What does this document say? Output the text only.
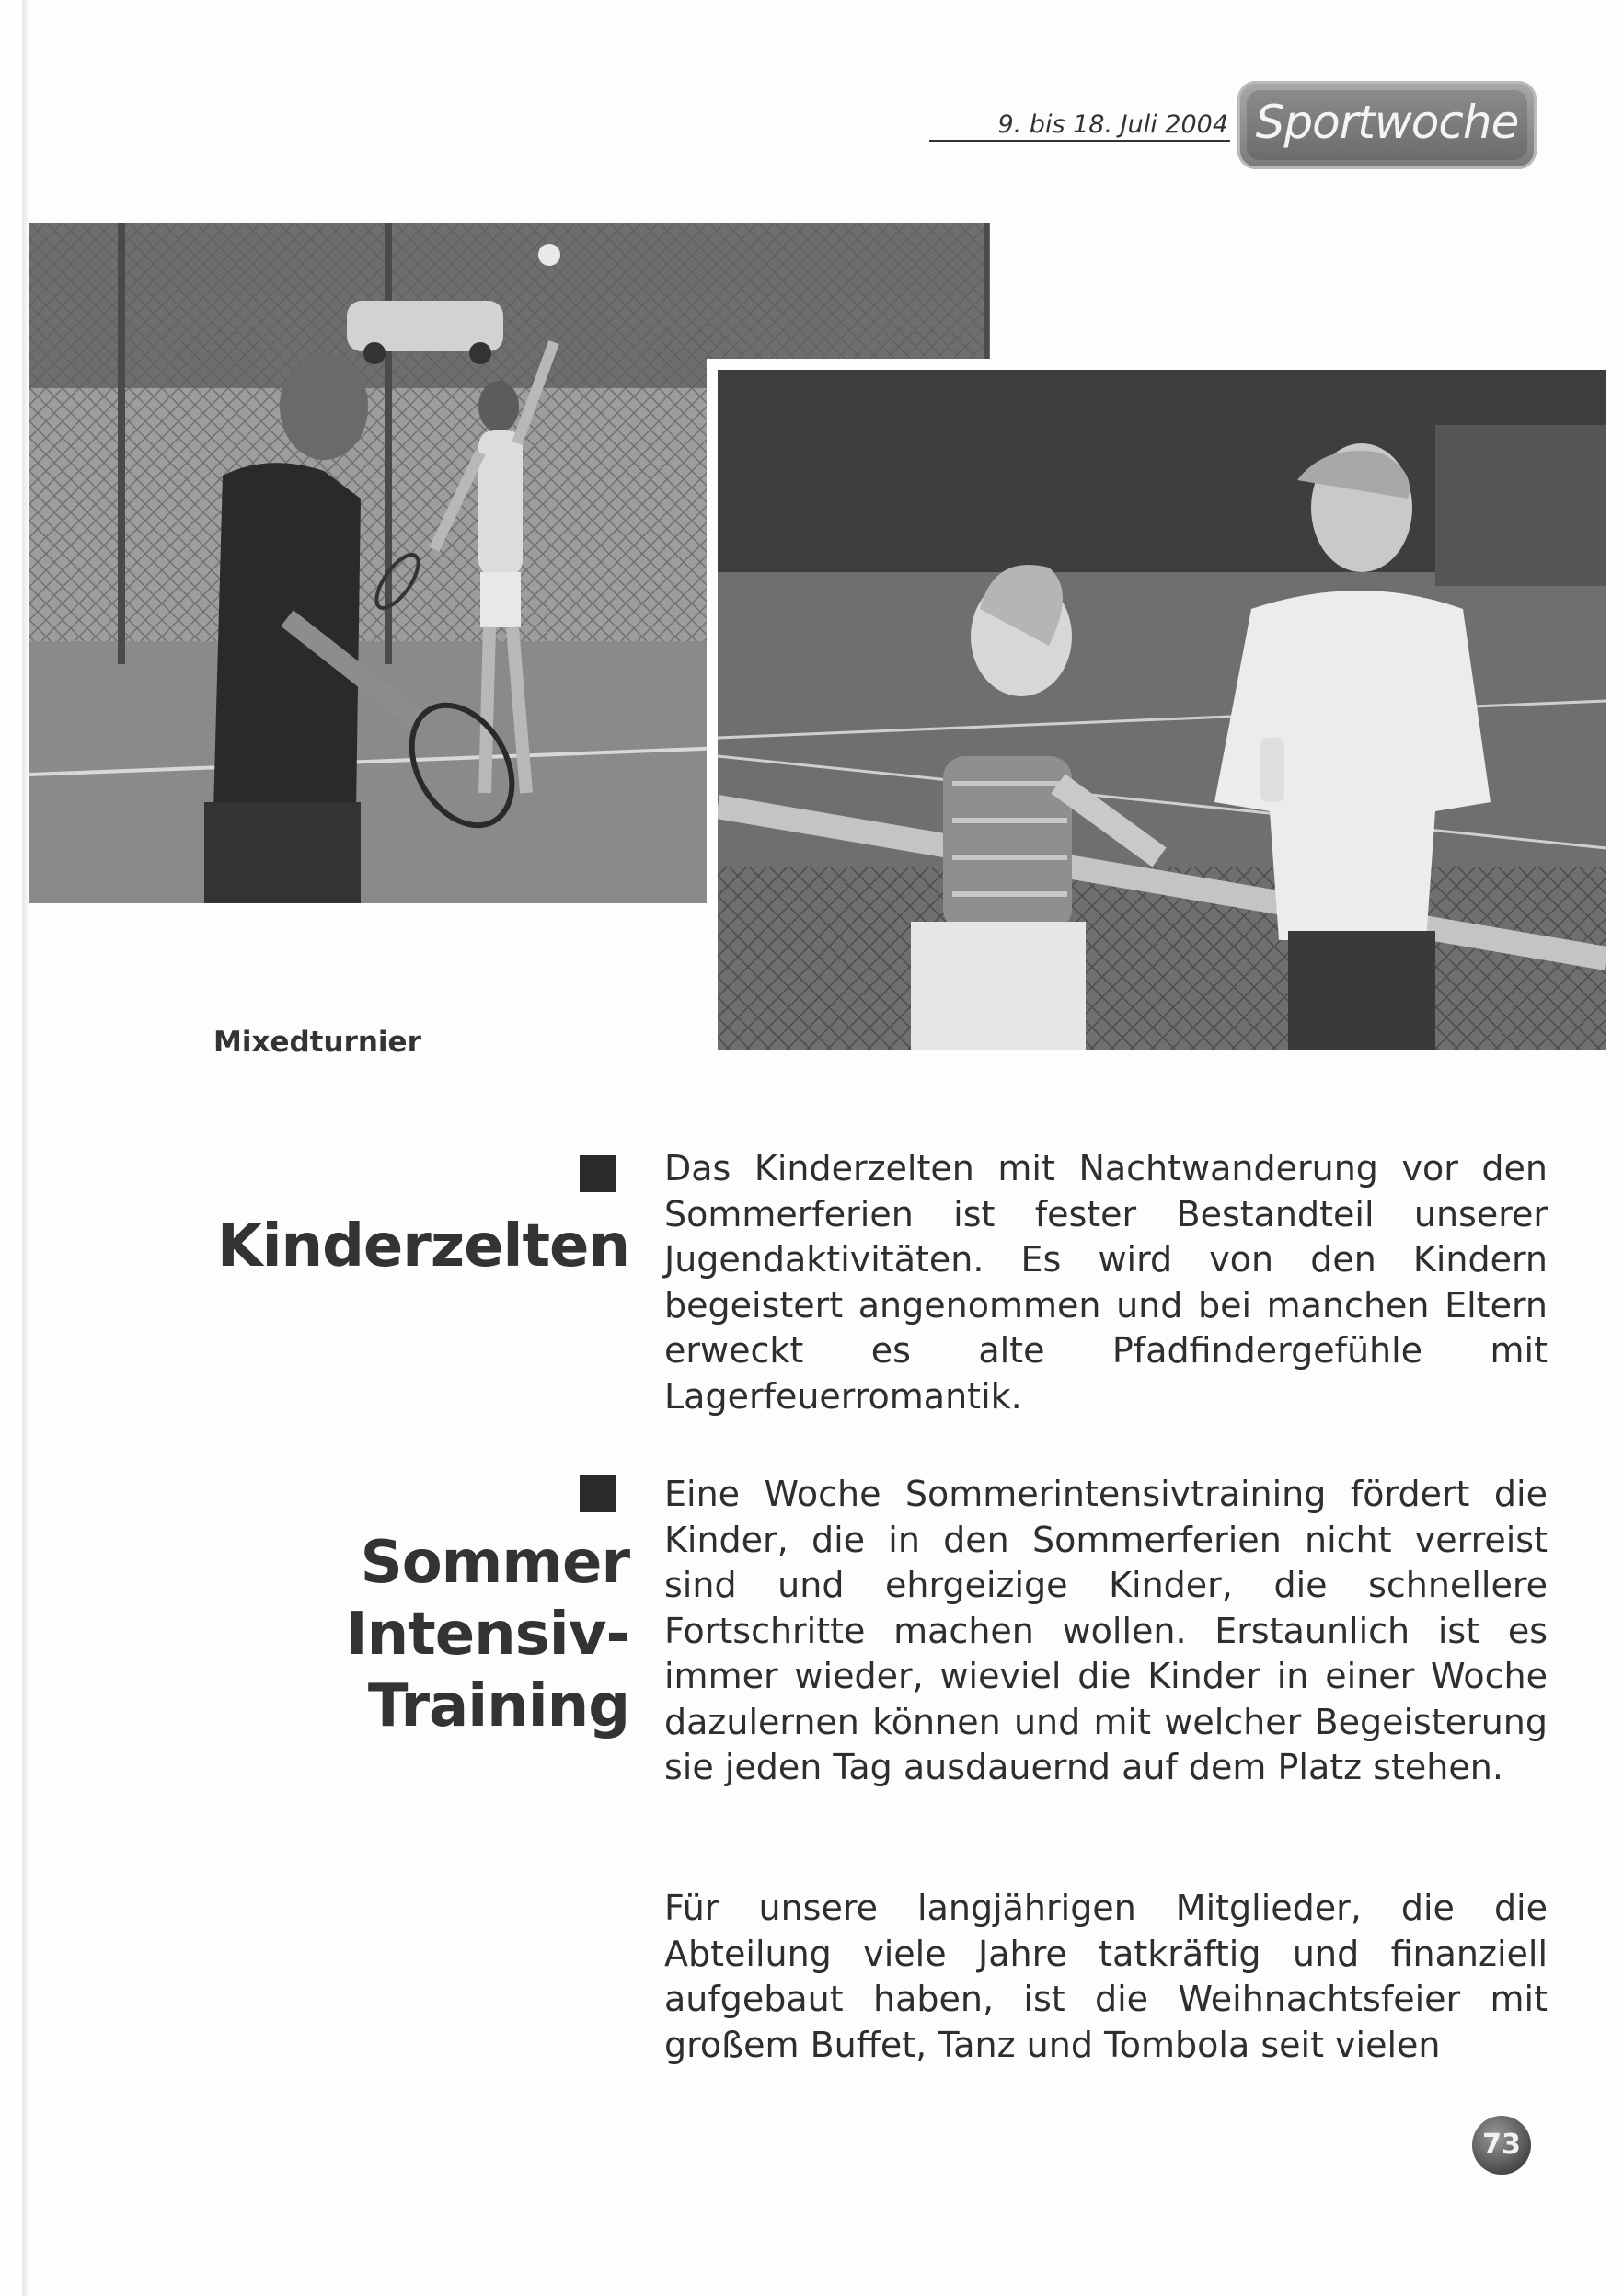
9. bis 18. Juli 2004 Sportwoche
Mixedturnier
Kinderzelten
Das Kinderzelten mit Nachtwanderung vor den Sommerferien ist fester Bestandteil unserer Jugendaktivitäten. Es wird von den Kindern begeistert angenommen und bei manchen Eltern erweckt es alte Pfadfindergefühle mit Lagerfeuerromantik.
Sommer
Intensiv-
Training
Eine Woche Sommerintensivtraining fördert die Kinder, die in den Sommerferien nicht verreist sind und ehrgeizige Kinder, die schnellere Fortschritte machen wollen. Erstaunlich ist es immer wieder, wieviel die Kinder in einer Woche dazulernen können und mit welcher Begeisterung sie jeden Tag ausdauernd auf dem Platz stehen.
Für unsere langjährigen Mitglieder, die die Abteilung viele Jahre tatkräftig und finanziell aufgebaut haben, ist die Weihnachtsfeier mit großem Buffet, Tanz und Tombola seit vielen
73
